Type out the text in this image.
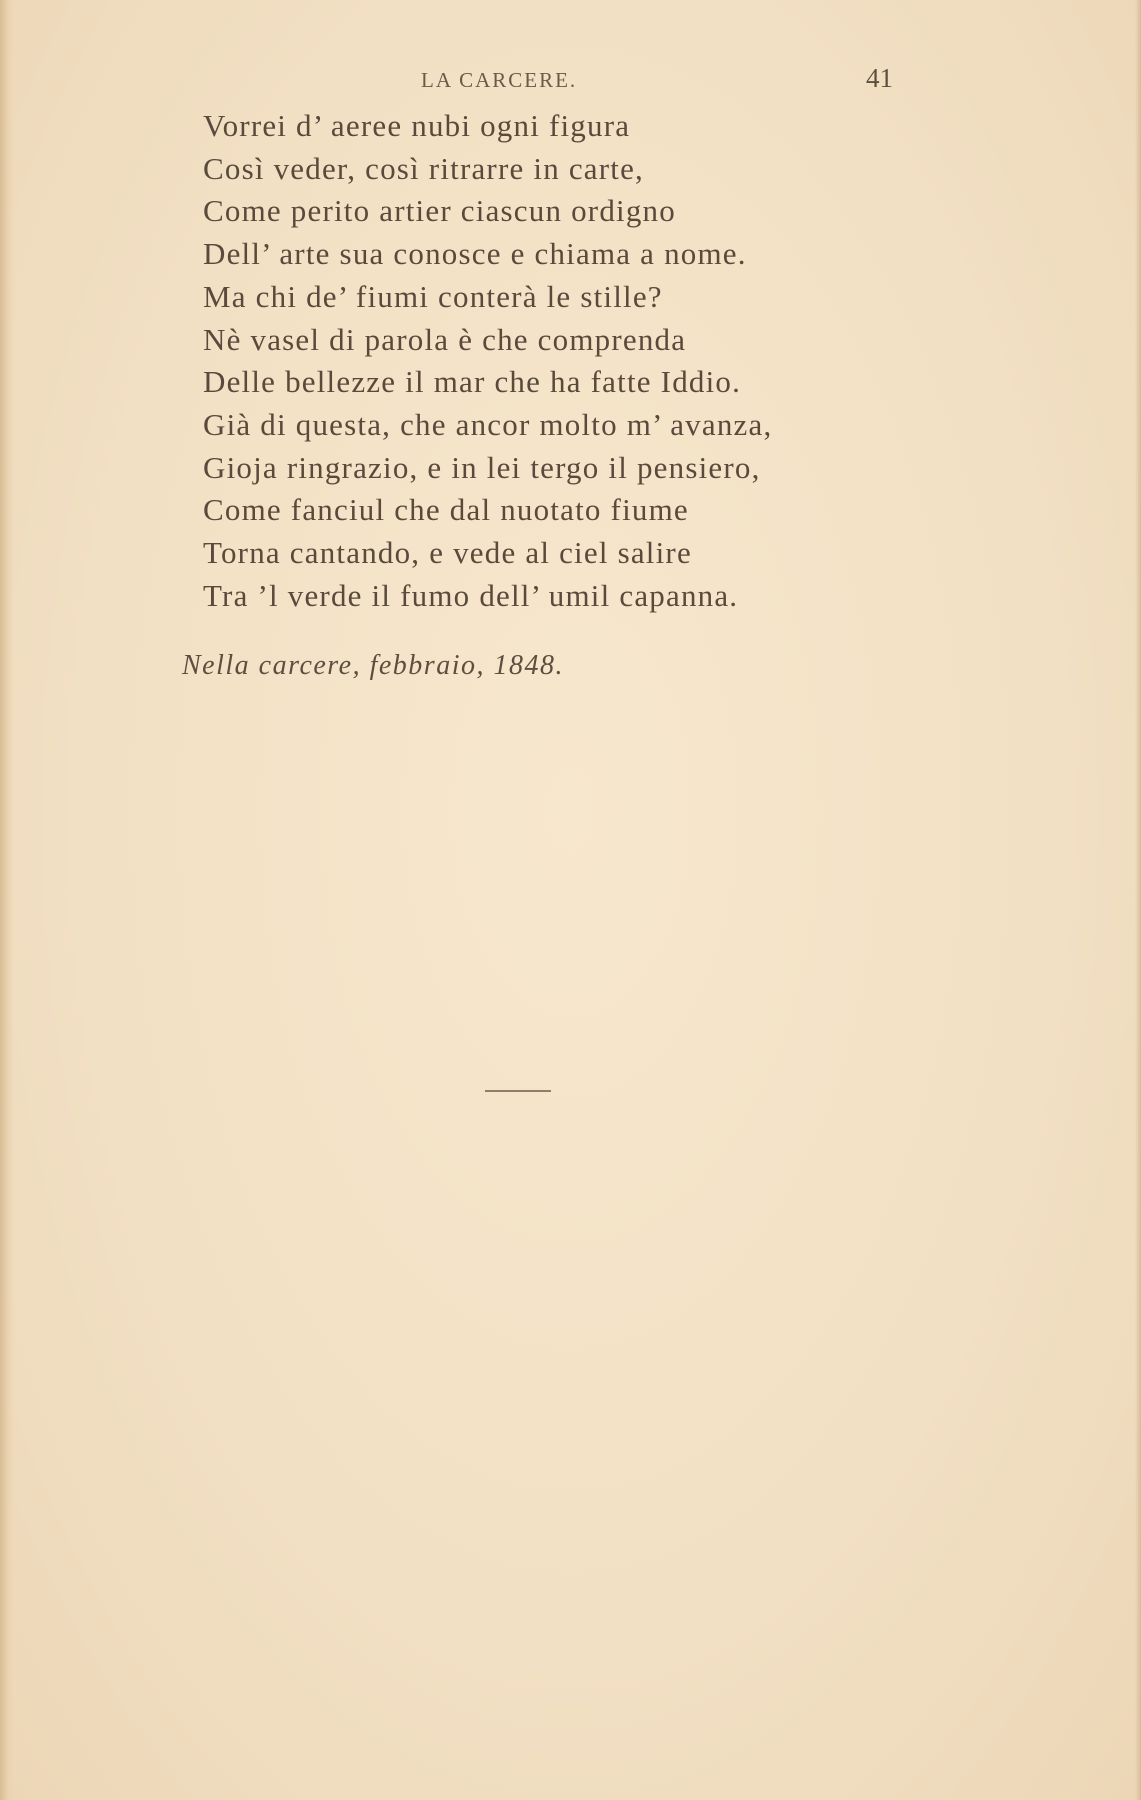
LA CARCERE.	41
Vorrei d’ aeree nubi ogni figura
Così veder, così ritrarre in carte,
Come perito artier ciascun ordigno
Dell’ arte sua conosce e chiama a nome.
Ma chi de’ fiumi conterà le stille?
Nè vasel di parola è che comprenda
Delle bellezze il mar che ha fatte Iddio.
Già di questa, che ancor molto m’ avanza,
Gioja ringrazio, e in lei tergo il pensiero,
Come fanciul che dal nuotato fiume
Torna cantando, e vede al ciel salire
Tra ’l verde il fumo dell’ umil capanna.
Nella carcere, febbraio, 1848.
